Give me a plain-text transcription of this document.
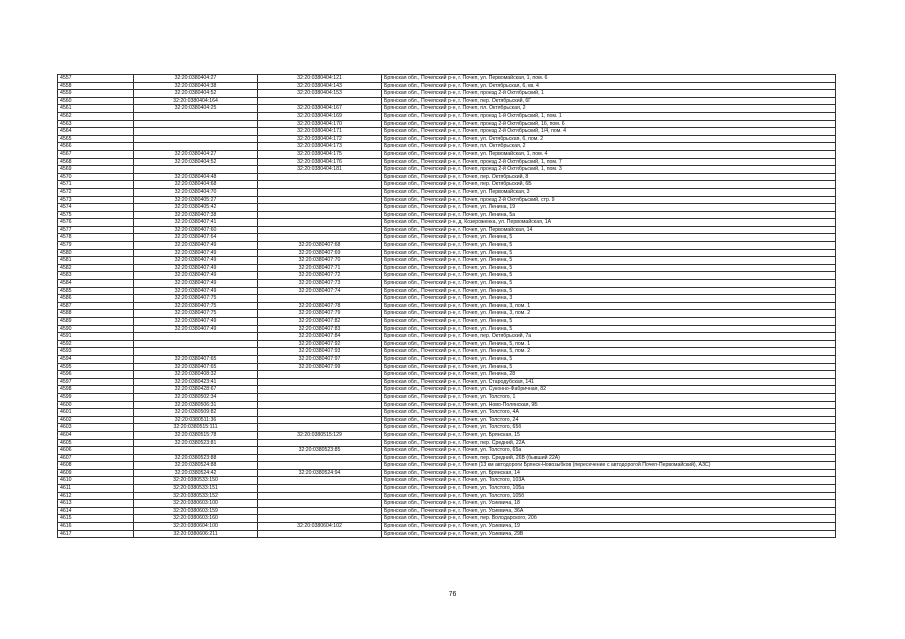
4557	32:20:0380404:27	32:20:0380404:121	Брянская обл., Почепский р-н, г. Почеп, ул. Первомайская, 1, пом. 6
4558	32:20:0380404:38	32:20:0380404:143	Брянская обл., Почепский р-н, г. Почеп, ул. Октябрьская, 6, кв. 4
4559	32:20:0380404:52	32:20:0380404:153	Брянская обл., Почепский р-н, г. Почеп, проезд 2-й Октябрьский, 1
4560	32:20:0380404:164		Брянская обл., Почепский р-н, г. Почеп, пер. Октябрьский, 6Г
4561	32:20:0380404:25	32:20:0380404:167	Брянская обл., Почепский р-н, г. Почеп, пл. Октябрьская, 2
4562		32:20:0380404:169	Брянская обл., Почепский р-н, г. Почеп, проезд 1-й Октябрьский, 1, пом. 1
4563		32:20:0380404:170	Брянская обл., Почепский р-н, г. Почеп, проезд 2-й Октябрьский, 16, пом. 6
4564		32:20:0380404:171	Брянская обл., Почепский р-н, г. Почеп, проезд 2-й Октябрьский, 1/4, пом. 4
4565		32:20:0380404:172	Брянская обл., Почепский р-н, г. Почеп, ул. Октябрьская, 6, пом. 2
4566		32:20:0380404:173	Брянская обл., Почепский р-н, г. Почеп, пл. Октябрьская, 2
4567	32:20:0380404:27	32:20:0380404:175	Брянская обл., Почепский р-н, г. Почеп, ул. Первомайская, 1, пом. 4
4568	32:20:0380404:52	32:20:0380404:176	Брянская обл., Почепский р-н, г. Почеп, проезд 2-й Октябрьский, 1, пом. 7
4569		32:20:0380404:181	Брянская обл., Почепский р-н, г. Почеп, проезд 2-й Октябрьский, 1, пом. 3
4570	32:20:0380404:48		Брянская обл., Почепский р-н, г. Почеп, пер. Октябрьский, 8
4571	32:20:0380404:68		Брянская обл., Почепский р-н, г. Почеп, пер. Октябрьский, 6Б
4572	32:20:0380404:70		Брянская обл., Почепский р-н, г. Почеп, ул. Первомайская, 3
4573	32:20:0380405:27		Брянская обл., Почепский р-н, г. Почеп, проезд 2-й Октябрьский, стр. 9
4574	32:20:0380405:42		Брянская обл., Почепский р-н, г. Почеп, ул. Ленина, 19
4575	32:20:0380407:38		Брянская обл., Почепский р-н, г. Почеп, ул. Ленина, 5а
4576	32:20:0380407:41		Брянская обл., Почепский р-н, д. Козероженка, ул. Первомайская, 1А
4577	32:20:0380407:60		Брянская обл., Почепский р-н, г. Почеп, ул. Первомайская, 14
4578	32:20:0380407:64		Брянская обл., Почепский р-н, г. Почеп, ул. Ленина, 5
4579	32:20:0380407:49	32:20:0380407:68	Брянская обл., Почепский р-н, г. Почеп, ул. Ленина, 5
4580	32:20:0380407:49	32:20:0380407:69	Брянская обл., Почепский р-н, г. Почеп, ул. Ленина, 5
4581	32:20:0380407:49	32:20:0380407:70	Брянская обл., Почепский р-н, г. Почеп, ул. Ленина, 5
4582	32:20:0380407:49	32:20:0380407:71	Брянская обл., Почепский р-н, г. Почеп, ул. Ленина, 5
4583	32:20:0380407:49	32:20:0380407:72	Брянская обл., Почепский р-н, г. Почеп, ул. Ленина, 5
4584	32:20:0380407:49	32:20:0380407:73	Брянская обл., Почепский р-н, г. Почеп, ул. Ленина, 5
4585	32:20:0380407:49	32:20:0380407:74	Брянская обл., Почепский р-н, г. Почеп, ул. Ленина, 5
4586	32:20:0380407:75		Брянская обл., Почепский р-н, г. Почеп, ул. Ленина, 3
4587	32:20:0380407:75	32:20:0380407:78	Брянская обл., Почепский р-н, г. Почеп, ул. Ленина, 3, пом. 1
4588	32:20:0380407:75	32:20:0380407:79	Брянская обл., Почепский р-н, г. Почеп, ул. Ленина, 3, пом. 2
4589	32:20:0380407:49	32:20:0380407:82	Брянская обл., Почепский р-н, г. Почеп, ул. Ленина, 5
4590	32:20:0380407:49	32:20:0380407:83	Брянская обл., Почепский р-н, г. Почеп, ул. Ленина, 5
4591		32:20:0380407:84	Брянская обл., Почепский р-н, г. Почеп, пер. Октябрьский, 7а
4592		32:20:0380407:92	Брянская обл., Почепский р-н, г. Почеп, ул. Ленина, 5, пом. 1
4593		32:20:0380407:93	Брянская обл., Почепский р-н, г. Почеп, ул. Ленина, 5, пом. 2
4594	32:20:0380407:65	32:20:0380407:97	Брянская обл., Почепский р-н, г. Почеп, ул. Ленина, 5
4595	32:20:0380407:65	32:20:0380407:99	Брянская обл., Почепский р-н, г. Почеп, ул. Ленина, 5
4596	32:20:0380408:32		Брянская обл., Почепский р-н, г. Почеп, ул. Ленина, 28
4597	32:20:0380423:41		Брянская обл., Почепский р-н, г. Почеп, ул. Стародубская, 141
4598	32:20:0380428:67		Брянская обл., Почепский р-н, г. Почеп, ул. Суконно-Фабричная, 82
4599	32:20:0380502:34		Брянская обл., Почепский р-н, г. Почеп, ул. Толстого, 1
4600	32:20:0380506:31		Брянская обл., Почепский р-н, г. Почеп, ул. Ново-Полянская, 9Б
4601	32:20:0380509:82		Брянская обл., Почепский р-н, г. Почеп, ул. Толстого, 4А
4602	32:20:0380511:36		Брянская обл., Почепский р-н, г. Почеп, ул. Толстого, 24
4603	32:20:0380515:111		Брянская обл., Почепский р-н, г. Почеп, ул. Толстого, 65б
4604	32:20:0380515:78	32:20:0380515:129	Брянская обл., Почепский р-н, г. Почеп, ул. Брянская, 15
4605	32:20:0380523:81		Брянская обл., Почепский р-н, г. Почеп, пер. Средний, 22А
4606		32:20:0380523:85	Брянская обл., Почепский р-н, г. Почеп, ул. Толстого, 65а
4607	32:20:0380523:88		Брянская обл., Почепский р-н, г. Почеп, пер. Средний, 26В (бывший 22А)
4608	32:20:0380524:88		Брянская обл., Почепский р-н, г. Почеп (13 км автодороги Брянск-Новозыбков (пересечение с автодорогой Почеп-Первомайский), АЗС)
4609	32:20:0380524:42	32:20:0380524:94	Брянская обл., Почепский р-н, г. Почеп, ул. Брянская, 14
4610	32:20:0380533:150		Брянская обл., Почепский р-н, г. Почеп, ул. Толстого, 103А
4611	32:20:0380533:151		Брянская обл., Почепский р-н, г. Почеп, ул. Толстого, 105а
4612	32:20:0380533:152		Брянская обл., Почепский р-н, г. Почеп, ул. Толстого, 105б
4613	32:20:0380603:100		Брянская обл., Почепский р-н, г. Почеп, ул. Усиевича, 18
4614	32:20:0380603:159		Брянская обл., Почепский р-н, г. Почеп, ул. Усиевича, 36А
4615	32:20:0380603:160		Брянская обл., Почепский р-н, г. Почеп, пер. Володарского, 20б
4616	32:20:0380604:100	32:20:0380604:102	Брянская обл., Почепский р-н, г. Почеп, ул. Усиевича, 19
4617	32:20:0380606:211		Брянская обл., Почепский р-н, г. Почеп, ул. Усиевича, 29В
76
